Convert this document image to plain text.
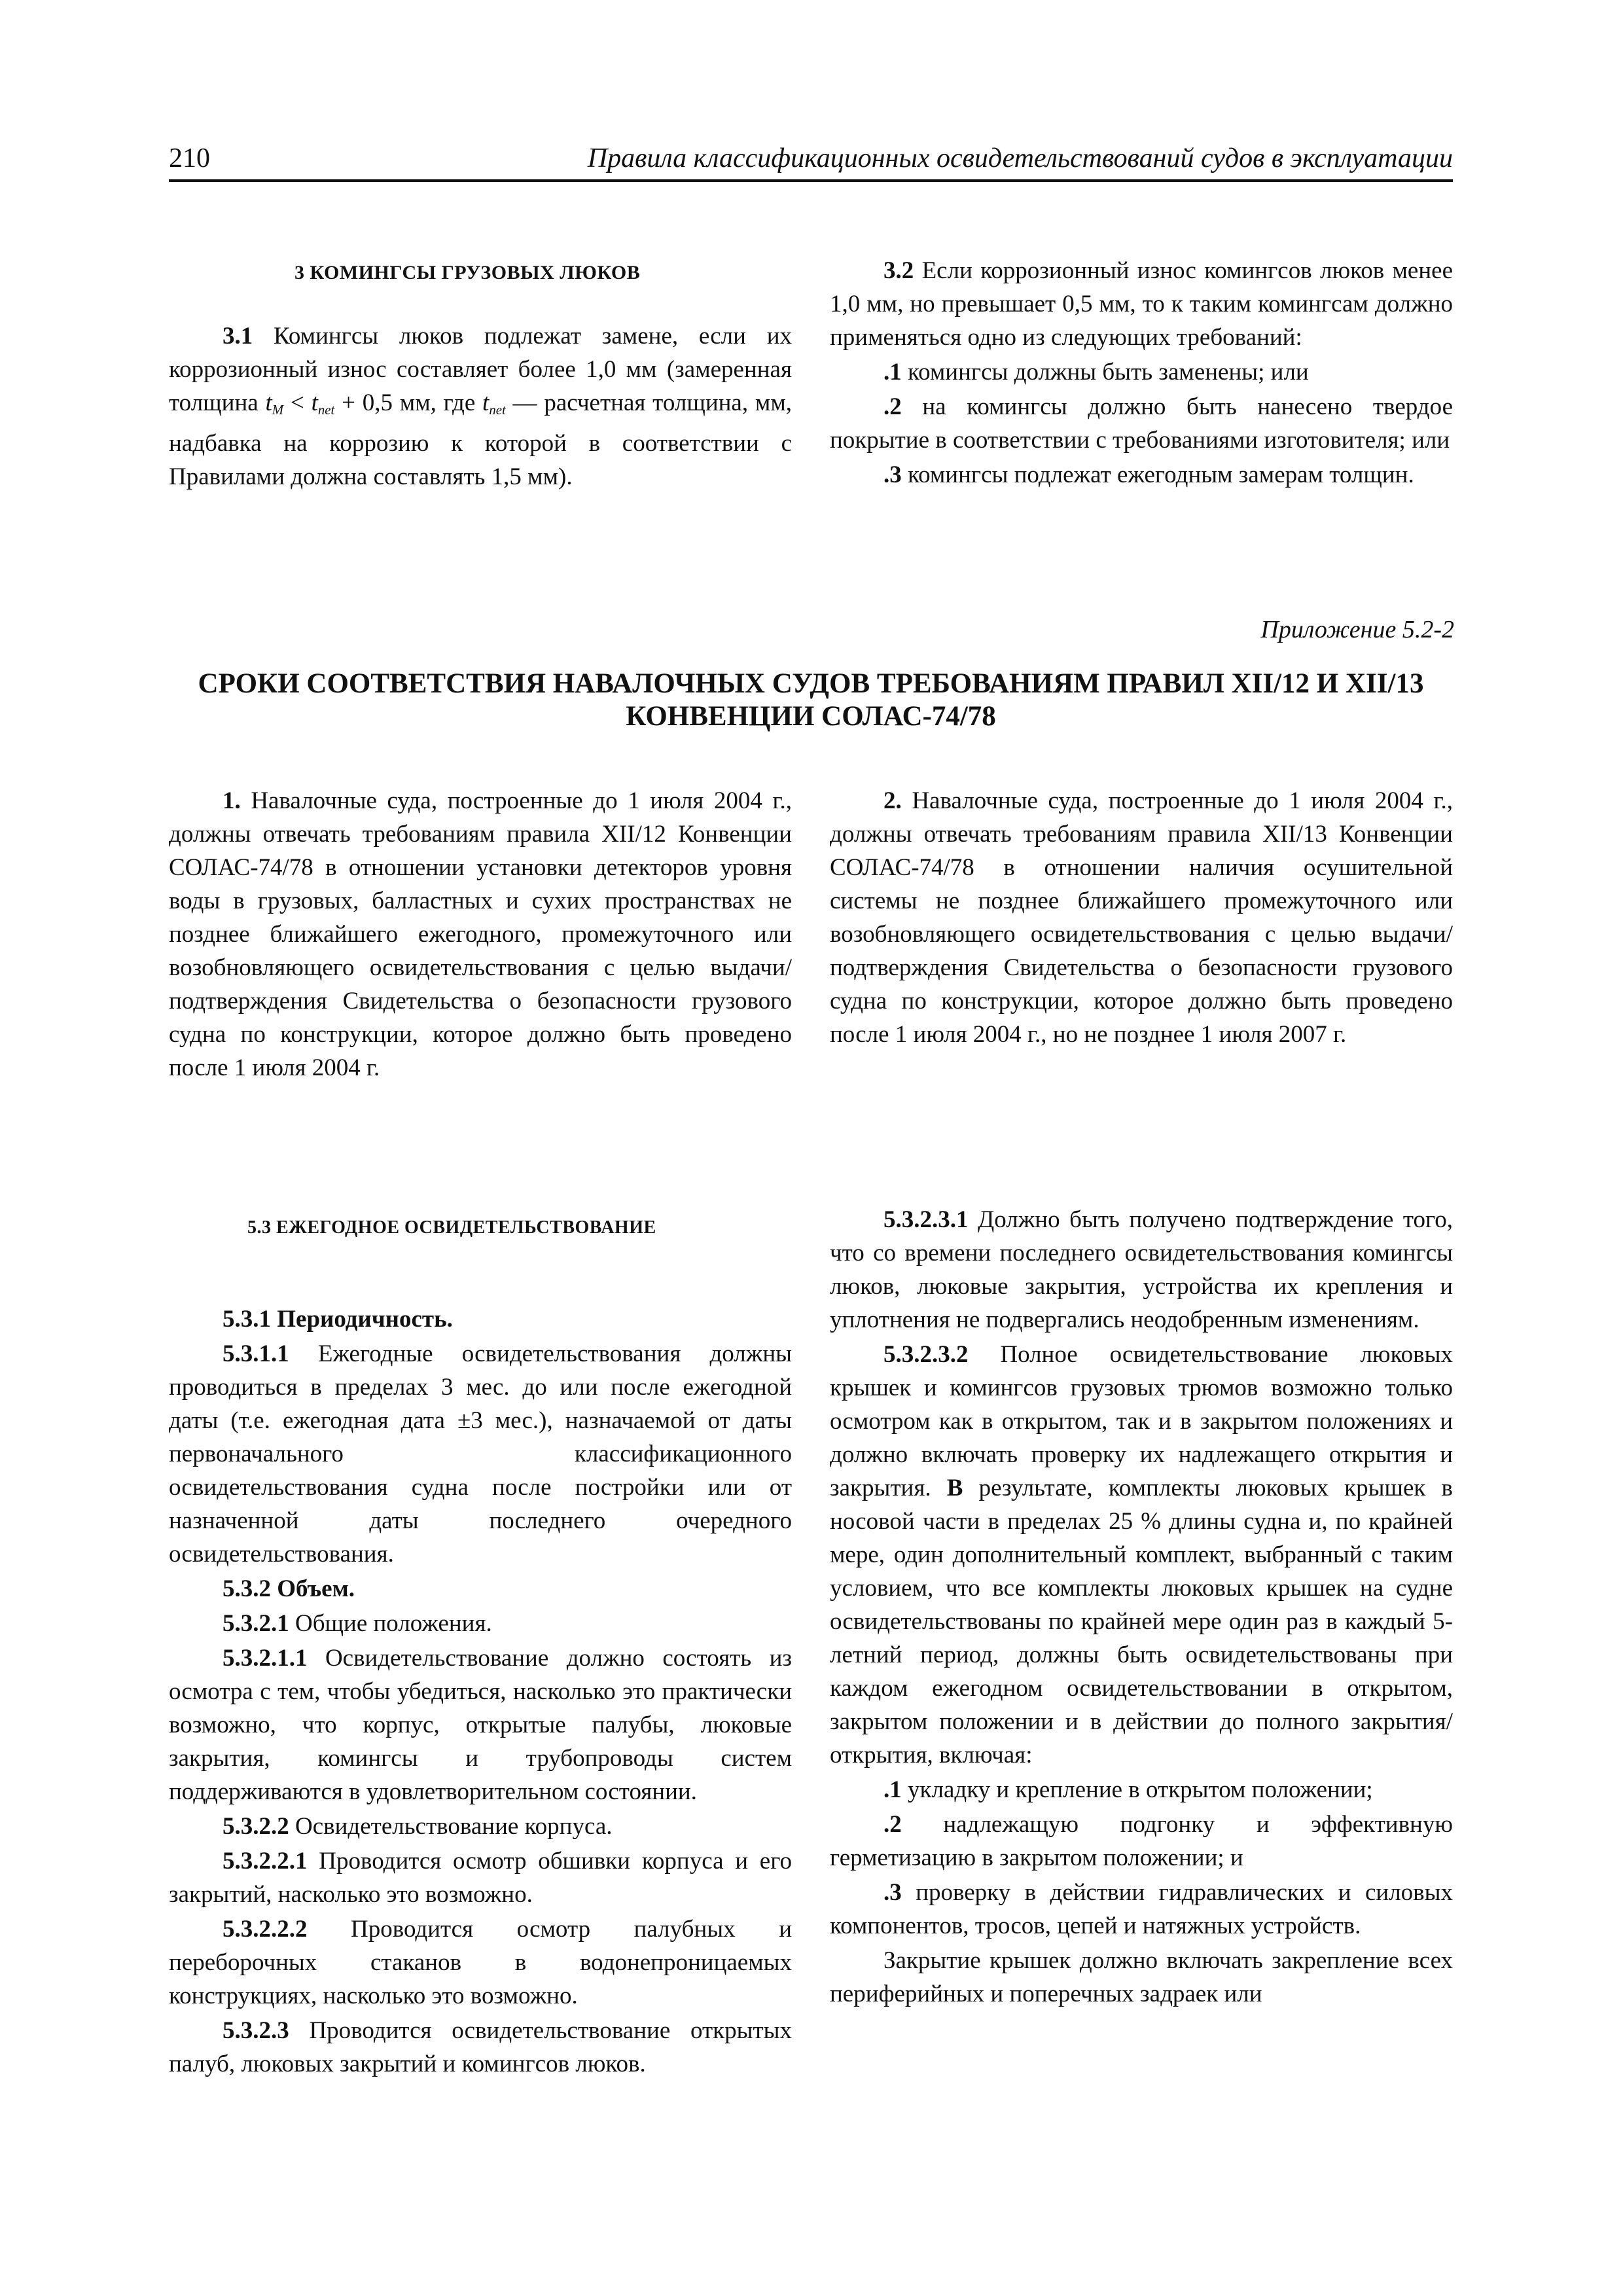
210	Правила классификационных освидетельствований судов в эксплуатации
3 КОМИНГСЫ ГРУЗОВЫХ ЛЮКОВ

3.1 Комингсы люков подлежат замене, если их коррозионный износ составляет более 1,0 мм (замеренная толщина $t_M < t_{net} + 0,5$ мм, где $t_{net}$ — расчетная толщина, мм, надбавка на коррозию к которой в соответствии с Правилами должна составлять 1,5 мм).

3.2 Если коррозионный износ комингсов люков менее 1,0 мм, но превышает 0,5 мм, то к таким комингсам должно применяться одно из следующих требований:

.1 комингсы должны быть заменены; или

.2 на комингсы должно быть нанесено твердое покрытие в соответствии с требованиями изготовителя; или

.3 комингсы подлежат ежегодным замерам толщин.

Приложение 5.2-2
СРОКИ СООТВЕТСТВИЯ НАВАЛОЧНЫХ СУДОВ ТРЕБОВАНИЯМ ПРАВИЛ XII/12 И XII/13
КОНВЕНЦИИ СОЛАС-74/78

1. Навалочные суда, построенные до 1 июля 2004 г., должны отвечать требованиям правила XII/12 Конвенции СОЛАС-74/78 в отношении установки детекторов уровня воды в грузовых, балластных и сухих пространствах не позднее ближайшего ежегодного, промежуточного или возобновляющего освидетельствования с целью выдачи/подтверждения Свидетельства о безопасности грузового судна по конструкции, которое должно быть проведено после 1 июля 2004 г.

2. Навалочные суда, построенные до 1 июля 2004 г., должны отвечать требованиям правила XII/13 Конвенции СОЛАС-74/78 в отношении наличия осушительной системы не позднее ближайшего промежуточного или возобновляющего освидетельствования с целью выдачи/подтверждения Свидетельства о безопасности грузового судна по конструкции, которое должно быть проведено после 1 июля 2004 г., но не позднее 1 июля 2007 г.

5.3 ЕЖЕГОДНОЕ ОСВИДЕТЕЛЬСТВОВАНИЕ

5.3.1 Периодичность.

5.3.1.1 Ежегодные освидетельствования должны проводиться в пределах 3 мес. до или после ежегодной даты (т.е. ежегодная дата ±3 мес.), назначаемой от даты первоначального классификационного освидетельствования судна после постройки или от назначенной даты последнего очередного освидетельствования.

5.3.2 Объем.

5.3.2.1 Общие положения.

5.3.2.1.1 Освидетельствование должно состоять из осмотра с тем, чтобы убедиться, насколько это практически возможно, что корпус, открытые палубы, люковые закрытия, комингсы и трубопроводы систем поддерживаются в удовлетворительном состоянии.

5.3.2.2 Освидетельствование корпуса.

5.3.2.2.1 Проводится осмотр обшивки корпуса и его закрытий, насколько это возможно.

5.3.2.2.2 Проводится осмотр палубных и переборочных стаканов в водонепроницаемых конструкциях, насколько это возможно.

5.3.2.3 Проводится освидетельствование открытых палуб, люковых закрытий и комингсов люков.

5.3.2.3.1 Должно быть получено подтверждение того, что со времени последнего освидетельствования комингсы люков, люковые закрытия, устройства их крепления и уплотнения не подвергались неодобренным изменениям.

5.3.2.3.2 Полное освидетельствование люковых крышек и комингсов грузовых трюмов возможно только осмотром как в открытом, так и в закрытом положениях и должно включать проверку их надлежащего открытия и закрытия. В результате, комплекты люковых крышек в носовой части в пределах 25 % длины судна и, по крайней мере, один дополнительный комплект, выбранный с таким условием, что все комплекты люковых крышек на судне освидетельствованы по крайней мере один раз в каждый 5-летний период, должны быть освидетельствованы при каждом ежегодном освидетельствовании в открытом, закрытом положении и в действии до полного закрытия/открытия, включая:

.1 укладку и крепление в открытом положении;

.2 надлежащую подгонку и эффективную герметизацию в закрытом положении; и

.3 проверку в действии гидравлических и силовых компонентов, тросов, цепей и натяжных устройств.

Закрытие крышек должно включать закрепление всех периферийных и поперечных задраек или
